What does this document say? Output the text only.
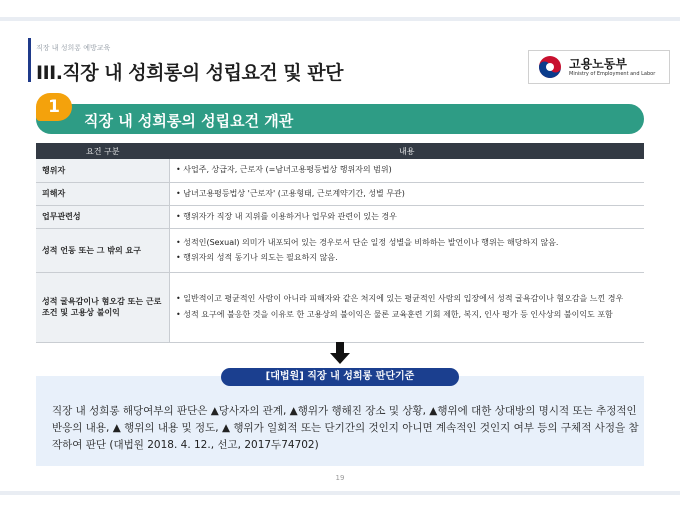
직장 내 성희롱 예방교육
III.직장 내 성희롱의 성립요건 및 판단	고용노동부
Ministry of Employment and Labor
1
직장 내 성희롱의 성립요건 개관
요건 구분	내용
행위자	• 사업주, 상급자, 근로자 (=남녀고용평등법상 행위자의 범위)

피해자	• 남녀고용평등법상 '근로자' (고용형태, 근로계약기간, 성별 무관)

업무관련성	• 행위자가 직장 내 지위를 이용하거나 업무와 관련이 있는 경우

성적 언동 또는 그 밖의 요구	• 성적인(Sexual) 의미가 내포되어 있는 경우로서 단순 일정 성별을 비하하는 발언이나 행위는 해당하지 않음.
• 행위자의 성적 동기나 의도는 필요하지 않음.

성적 굴욕감이나 혐오감 또는 근로조건 및 고용상 불이익	• 일반적이고 평균적인 사람이 아니라 피해자와 같은 처지에 있는 평균적인 사람의 입장에서 성적 굴욕감이나 혐오감을 느낀 경우
• 성적 요구에 불응한 것을 이유로 한 고용상의 불이익은 물론 교육훈련 기회 제한, 복지, 인사 평가 등 인사상의 불이익도 포함
[대법원] 직장 내 성희롱 판단기준
직장 내 성희롱 해당여부의 판단은 ▲당사자의 관계, ▲행위가 행해진 장소 및 상황, ▲행위에 대한 상대방의 명시적 또는 추정적인 반응의 내용, ▲ 행위의 내용 및 정도, ▲ 행위가 일회적 또는 단기간의 것인지 아니면 계속적인 것인지 여부 등의 구체적 사정을 참작하여 판단 (대법원 2018. 4. 12., 선고, 2017두74702)
19
